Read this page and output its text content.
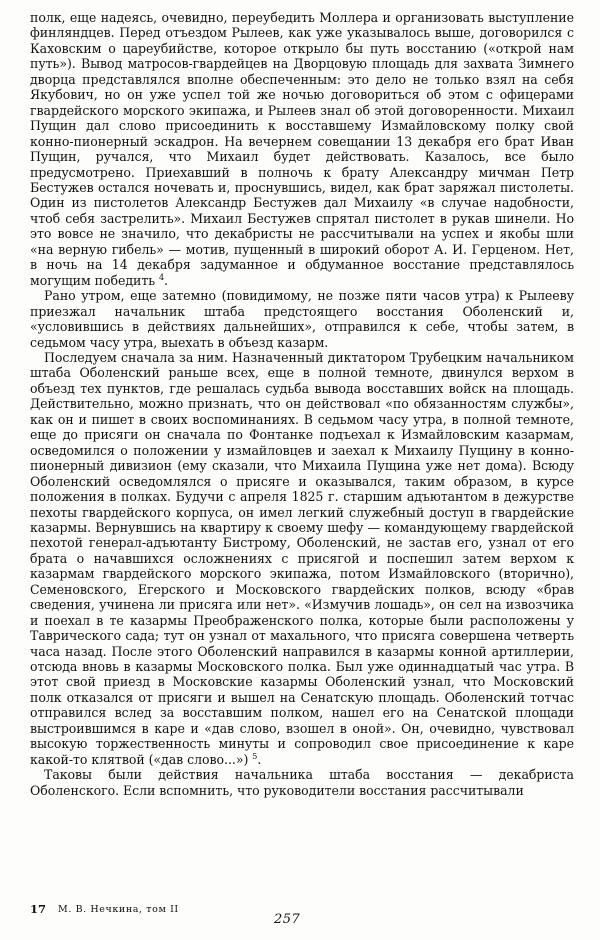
полк, еще надеясь, очевидно, переубедить Моллера и организовать выступление финляндцев. Перед отъездом Рылеев, как уже указывалось выше, договорился с Каховским о цареубийстве, которое открыло бы путь восстанию («открой нам путь»). Вывод матросов-гвардейцев на Дворцовую площадь для захвата Зимнего дворца представлялся вполне обеспеченным: это дело не только взял на себя Якубович, но он уже успел той же ночью договориться об этом с офицерами гвардейского морского экипажа, и Рылеев знал об этой договоренности. Михаил Пущин дал слово присоединить к восставшему Измайловскому полку свой конно-пионерный эскадрон. На вечернем совещании 13 декабря его брат Иван Пущин, ручался, что Михаил будет действовать. Казалось, все было предусмотрено. Приехавший в полночь к брату Александру мичман Петр Бестужев остался ночевать и, проснувшись, видел, как брат заряжал пистолеты. Один из пистолетов Александр Бестужев дал Михаилу «в случае надобности, чтоб себя застрелить». Михаил Бестужев спрятал пистолет в рукав шинели. Но это вовсе не значило, что декабристы не рассчитывали на успех и якобы шли «на верную гибель» — мотив, пущенный в широкий оборот А. И. Герценом. Нет, в ночь на 14 декабря задуманное и обдуманное восстание представлялось могущим победить $^4$.

Рано утром, еще затемно (повидимому, не позже пяти часов утра) к Рылееву приезжал начальник штаба предстоящего восстания Оболенский и, «условившись в действиях дальнейших», отправился к себе, чтобы затем, в седьмом часу утра, выехать в объезд казарм.

Последуем сначала за ним. Назначенный диктатором Трубецким начальником штаба Оболенский раньше всех, еще в полной темноте, двинулся верхом в объезд тех пунктов, где решалась судьба вывода восставших войск на площадь. Действительно, можно признать, что он действовал «по обязанностям службы», как он и пишет в своих воспоминаниях. В седьмом часу утра, в полной темноте, еще до присяги он сначала по Фонтанке подъехал к Измайловским казармам, осведомился о положении у измайловцев и заехал к Михаилу Пущину в конно-пионерный дивизион (ему сказали, что Михаила Пущина уже нет дома). Всюду Оболенский осведомлялся о присяге и оказывался, таким образом, в курсе положения в полках. Будучи с апреля 1825 г. старшим адъютантом в дежурстве пехоты гвардейского корпуса, он имел легкий служебный доступ в гвардейские казармы. Вернувшись на квартиру к своему шефу — командующему гвардейской пехотой генерал-адъютанту Бистрому, Оболенский, не застав его, узнал от его брата о начавшихся осложнениях с присягой и поспешил затем верхом к казармам гвардейского морского экипажа, потом Измайловского (вторично), Семеновского, Егерского и Московского гвардейских полков, всюду «брав сведения, учинена ли присяга или нет». «Измучив лошадь», он сел на извозчика и поехал в те казармы Преображенского полка, которые были расположены у Таврического сада; тут он узнал от махального, что присяга совершена четверть часа назад. После этого Оболенский направился в казармы конной артиллерии, отсюда вновь в казармы Московского полка. Был уже одиннадцатый час утра. В этот свой приезд в Московские казармы Оболенский узнал, что Московский полк отказался от присяги и вышел на Сенатскую площадь. Оболенский тотчас отправился вслед за восставшим полком, нашел его на Сенатской площади выстроившимся в каре и «дав слово, взошел в оной». Он, очевидно, чувствовал высокую торжественность минуты и сопроводил свое присоединение к каре какой-то клятвой («дав слово...») $^5$.

Таковы были действия начальника штаба восстания — декабриста Оболенского. Если вспомнить, что руководители восстания рассчитывали

17 М. В. Нечкина, том II
257
